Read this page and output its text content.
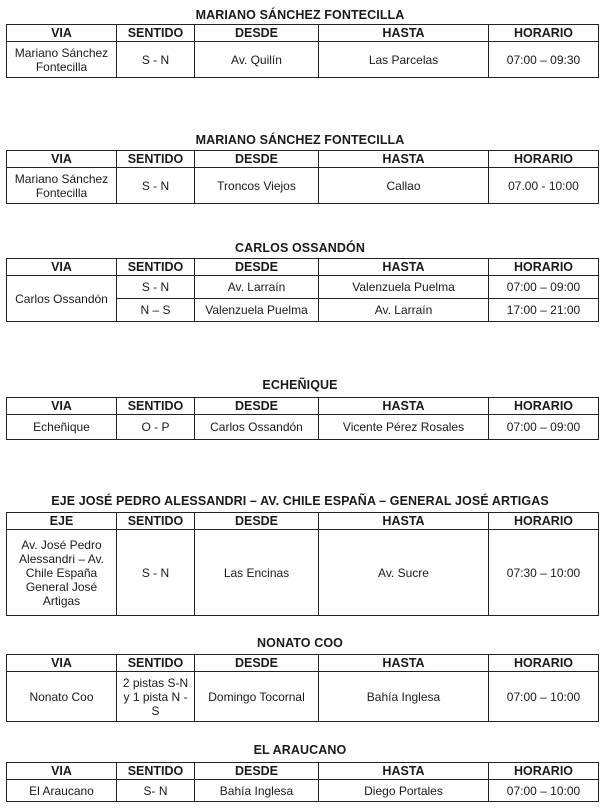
MARIANO SÁNCHEZ FONTECILLA
VIA	SENTIDO	DESDE	HASTA	HORARIO
Mariano Sánchez Fontecilla	S - N	Av. Quilín	Las Parcelas	07:00 – 09:30
MARIANO SÁNCHEZ FONTECILLA
VIA	SENTIDO	DESDE	HASTA	HORARIO
Mariano Sánchez Fontecilla	S - N	Troncos Viejos	Callao	07.00 - 10:00
CARLOS OSSANDÓN
VIA	SENTIDO	DESDE	HASTA	HORARIO
Carlos Ossandón	S - N	Av. Larraín	Valenzuela Puelma	07:00 – 09:00
	N – S	Valenzuela Puelma	Av. Larraín	17:00 – 21:00
ECHEÑIQUE
VIA	SENTIDO	DESDE	HASTA	HORARIO
Echeñique	O - P	Carlos Ossandón	Vicente Pérez Rosales	07:00 – 09:00
EJE JOSÉ PEDRO ALESSANDRI – AV. CHILE ESPAÑA – GENERAL JOSÉ ARTIGAS
EJE	SENTIDO	DESDE	HASTA	HORARIO
Av. José Pedro Alessandri – Av. Chile España General José Artigas	S - N	Las Encinas	Av. Sucre	07:30 – 10:00
NONATO COO
VIA	SENTIDO	DESDE	HASTA	HORARIO
Nonato Coo	2 pistas S-N y 1 pista N - S	Domingo Tocornal	Bahía Inglesa	07:00 – 10:00
EL ARAUCANO
VIA	SENTIDO	DESDE	HASTA	HORARIO
El Araucano	S- N	Bahía Inglesa	Diego Portales	07:00 – 10:00
